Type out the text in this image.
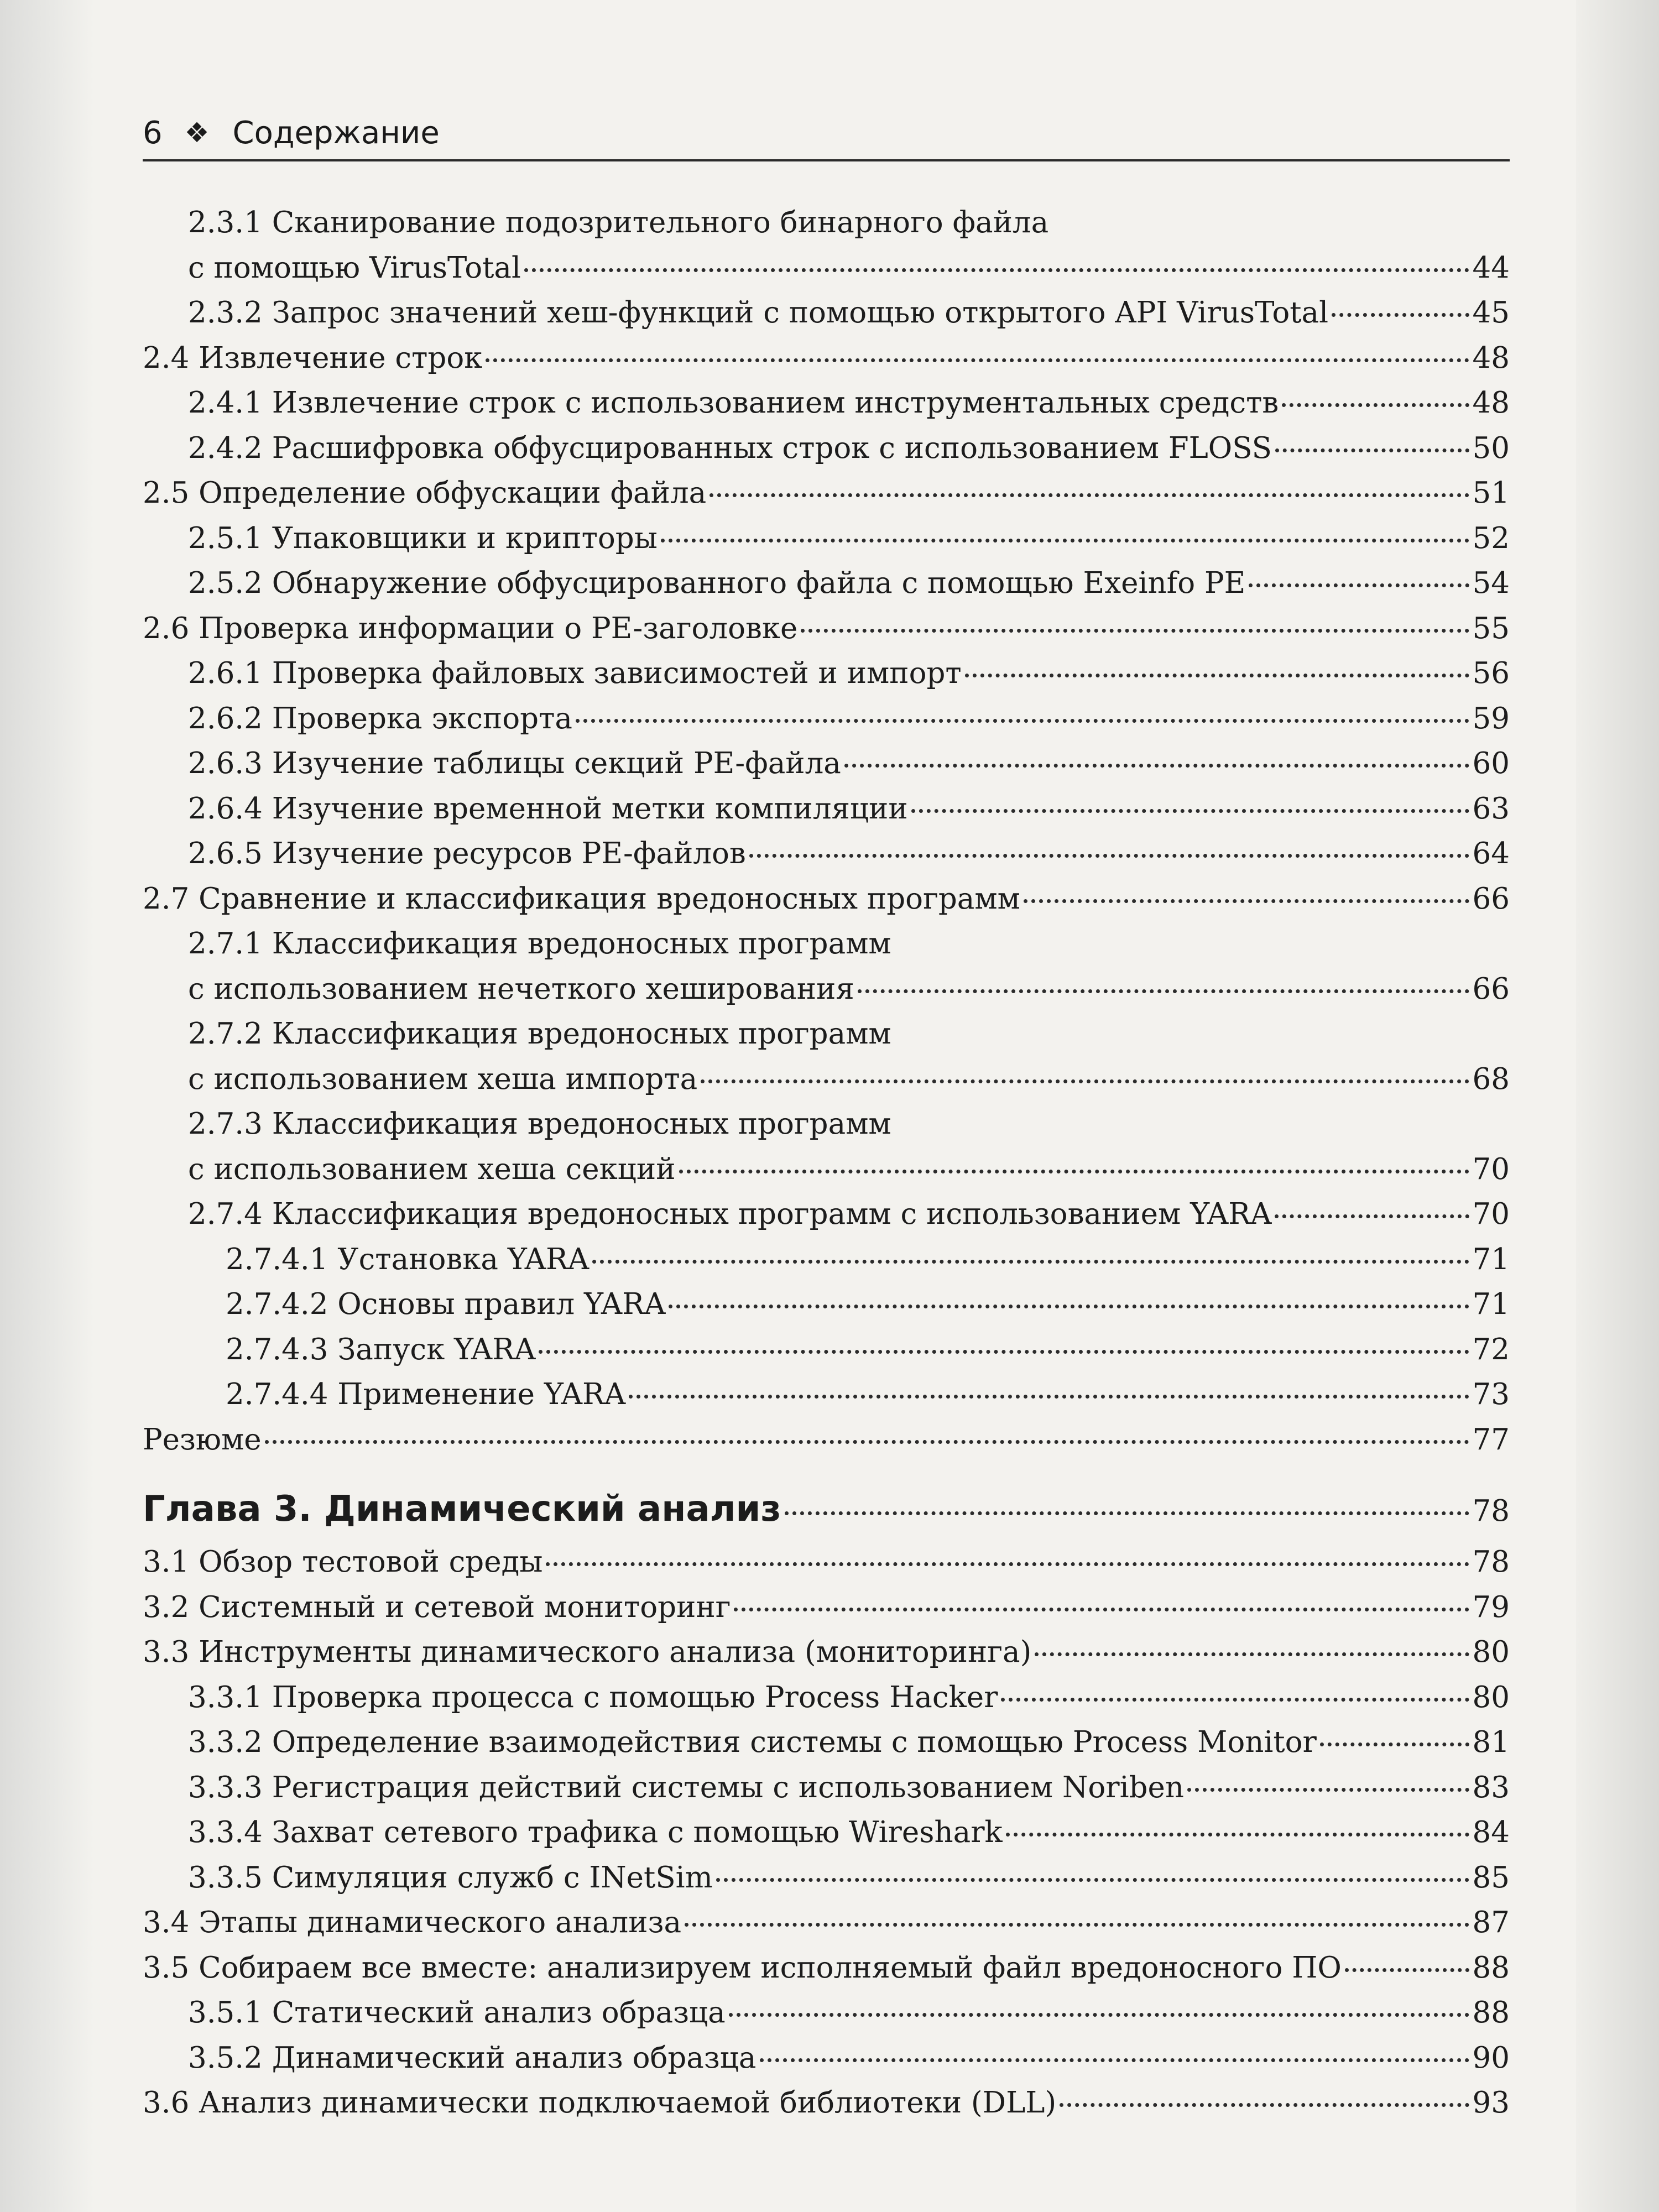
6 ❖ Содержание
2.3.1 Сканирование подозрительного бинарного файла
с помощью VirusTotal	44
2.3.2 Запрос значений хеш-функций с помощью открытого API VirusTotal	45
2.4 Извлечение строк	48
2.4.1 Извлечение строк с использованием инструментальных средств	48
2.4.2 Расшифровка обфусцированных строк с использованием FLOSS	50
2.5 Определение обфускации файла	51
2.5.1 Упаковщики и крипторы	52
2.5.2 Обнаружение обфусцированного файла с помощью Exeinfo PE	54
2.6 Проверка информации о PE-заголовке	55
2.6.1 Проверка файловых зависимостей и импорт	56
2.6.2 Проверка экспорта	59
2.6.3 Изучение таблицы секций PE-файла	60
2.6.4 Изучение временной метки компиляции	63
2.6.5 Изучение ресурсов PE-файлов	64
2.7 Сравнение и классификация вредоносных программ	66
2.7.1 Классификация вредоносных программ
с использованием нечеткого хеширования	66
2.7.2 Классификация вредоносных программ
с использованием хеша импорта	68
2.7.3 Классификация вредоносных программ
с использованием хеша секций	70
2.7.4 Классификация вредоносных программ с использованием YARA	70
2.7.4.1 Установка YARA	71
2.7.4.2 Основы правил YARA	71
2.7.4.3 Запуск YARA	72
2.7.4.4 Применение YARA	73
Резюме	77
Глава 3. Динамический анализ	78
3.1 Обзор тестовой среды	78
3.2 Системный и сетевой мониторинг	79
3.3 Инструменты динамического анализа (мониторинга)	80
3.3.1 Проверка процесса с помощью Process Hacker	80
3.3.2 Определение взаимодействия системы с помощью Process Monitor	81
3.3.3 Регистрация действий системы с использованием Noriben	83
3.3.4 Захват сетевого трафика с помощью Wireshark	84
3.3.5 Симуляция служб с INetSim	85
3.4 Этапы динамического анализа	87
3.5 Собираем все вместе: анализируем исполняемый файл вредоносного ПО	88
3.5.1 Статический анализ образца	88
3.5.2 Динамический анализ образца	90
3.6 Анализ динамически подключаемой библиотеки (DLL)	93
